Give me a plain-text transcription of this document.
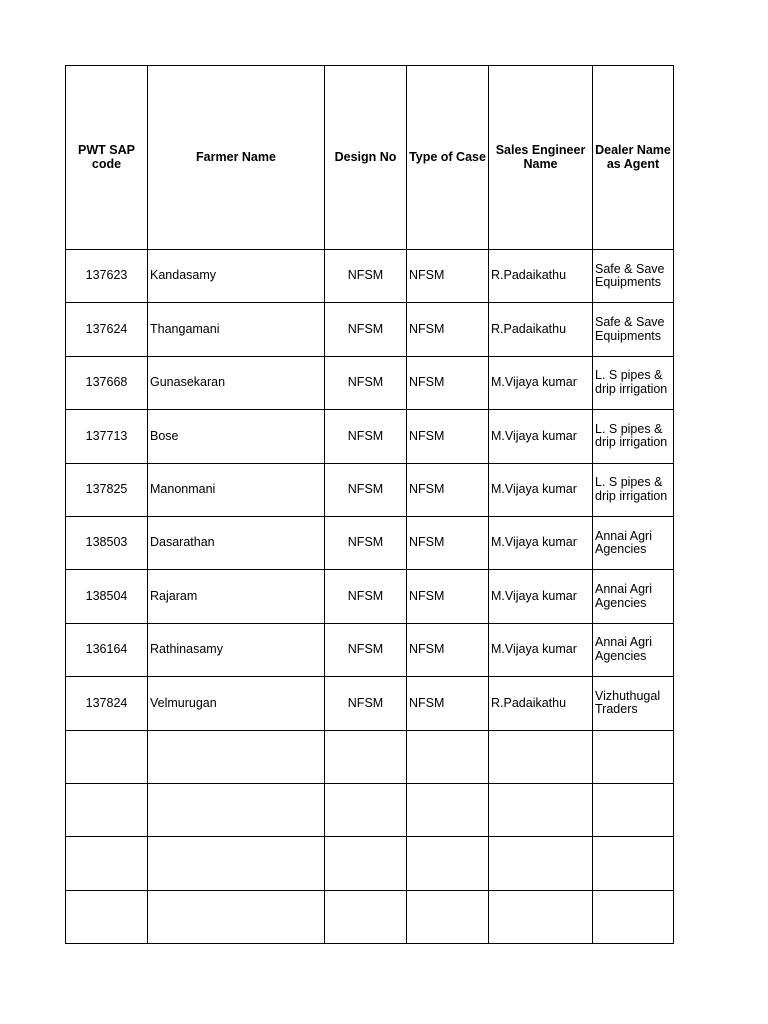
PWT SAP code	Farmer Name	Design No	Type of Case	Sales Engineer Name	Dealer Name as Agent
137623	Kandasamy	NFSM	NFSM	R.Padaikathu	Safe & Save Equipments
137624	Thangamani	NFSM	NFSM	R.Padaikathu	Safe & Save Equipments
137668	Gunasekaran	NFSM	NFSM	M.Vijaya kumar	L. S pipes & drip irrigation
137713	Bose	NFSM	NFSM	M.Vijaya kumar	L. S pipes & drip irrigation
137825	Manonmani	NFSM	NFSM	M.Vijaya kumar	L. S pipes & drip irrigation
138503	Dasarathan	NFSM	NFSM	M.Vijaya kumar	Annai Agri Agencies
138504	Rajaram	NFSM	NFSM	M.Vijaya kumar	Annai Agri Agencies
136164	Rathinasamy	NFSM	NFSM	M.Vijaya kumar	Annai Agri Agencies
137824	Velmurugan	NFSM	NFSM	R.Padaikathu	Vizhuthugal Traders
